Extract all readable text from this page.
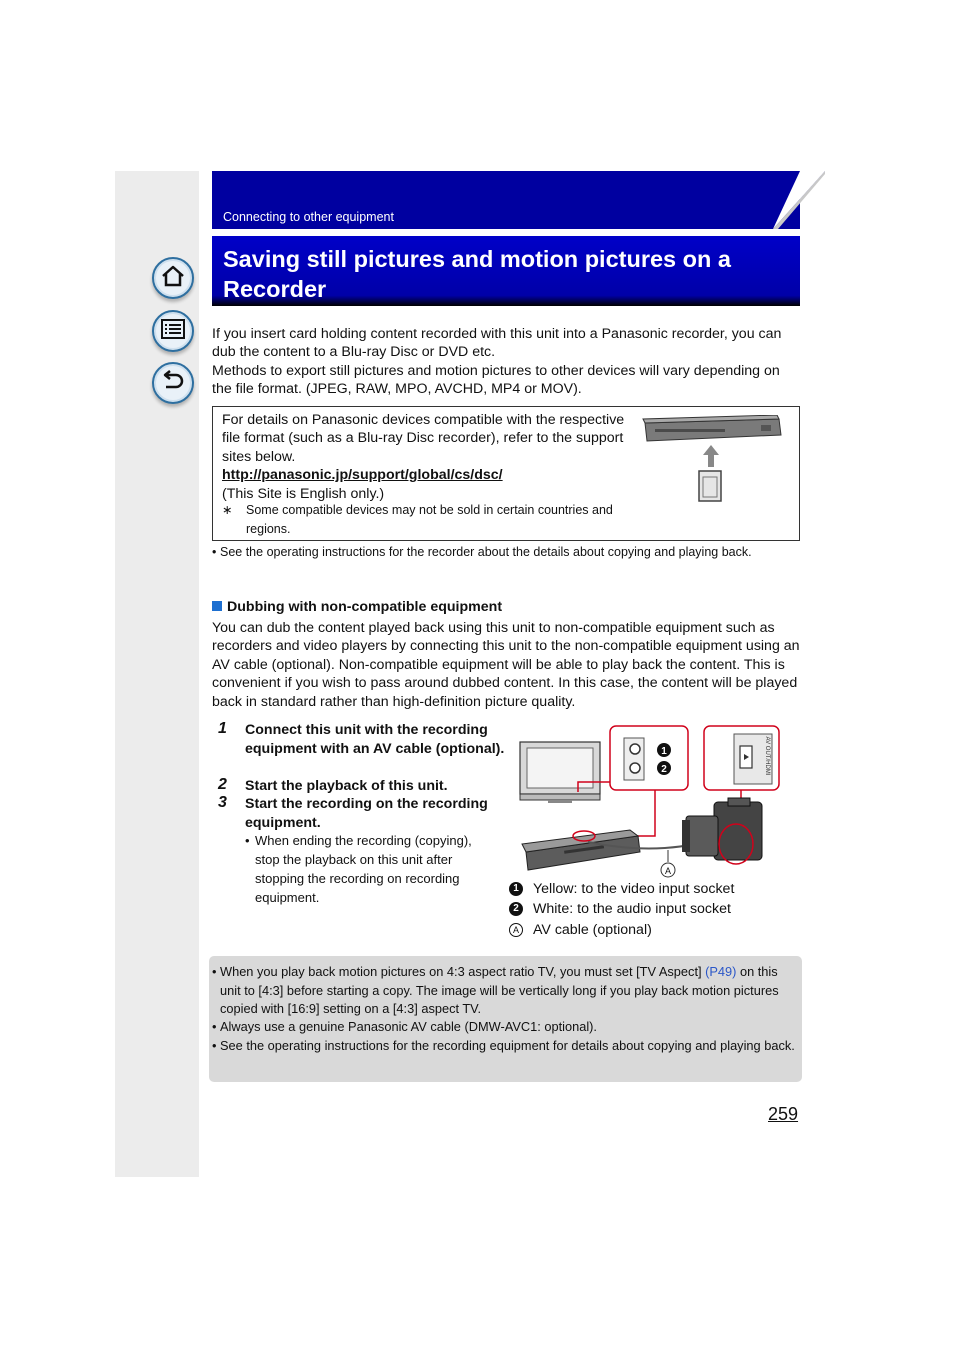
Connecting to other equipment
Saving still pictures and motion pictures on a Recorder
If you insert card holding content recorded with this unit into a Panasonic recorder, you can dub the content to a Blu-ray Disc or DVD etc.
Methods to export still pictures and motion pictures to other devices will vary depending on the file format. (JPEG, RAW, MPO, AVCHD, MP4 or MOV).
For details on Panasonic devices compatible with the respective file format (such as a Blu-ray Disc recorder), refer to the support sites below.
http://panasonic.jp/support/global/cs/dsc/
(This Site is English only.)
∗ Some compatible devices may not be sold in certain countries and regions.
• See the operating instructions for the recorder about the details about copying and playing back.
Dubbing with non-compatible equipment
You can dub the content played back using this unit to non-compatible equipment such as recorders and video players by connecting this unit to the non-compatible equipment using an AV cable (optional). Non-compatible equipment will be able to play back the content. This is convenient if you wish to pass around dubbed content. In this case, the content will be played back in standard rather than high-definition picture quality.
1 Connect this unit with the recording equipment with an AV cable (optional).
2 Start the playback of this unit.
3 Start the recording on the recording equipment.
• When ending the recording (copying), stop the playback on this unit after stopping the recording on recording equipment.
1
2	AV OUT/HDMI
A
1 Yellow: to the video input socket
2 White: to the audio input socket
A AV cable (optional)
• When you play back motion pictures on 4:3 aspect ratio TV, you must set [TV Aspect] (P49) on this unit to [4:3] before starting a copy. The image will be vertically long if you play back motion pictures copied with [16:9] setting on a [4:3] aspect TV.
• Always use a genuine Panasonic AV cable (DMW-AVC1: optional).
• See the operating instructions for the recording equipment for details about copying and playing back.
259
